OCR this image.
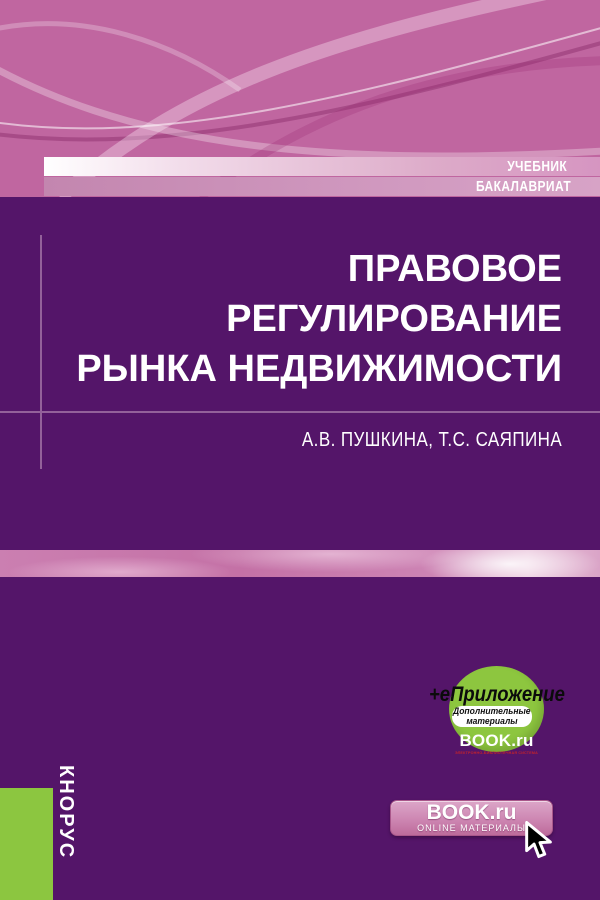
УЧЕБНИК
БАКАЛАВРИАТ
ПРАВОВОЕ
РЕГУЛИРОВАНИЕ
РЫНКА НЕДВИЖИМОСТИ
А.В. ПУШКИНА, Т.С. САЯПИНА
+еПриложение
Дополнительные
материалы
BOOK.ru
ЭЛЕКТРОННО-БИБЛИОТЕЧНАЯ СИСТЕМА
КНОРУС	BOOK.ru
ONLINE МАТЕРИАЛЫ
